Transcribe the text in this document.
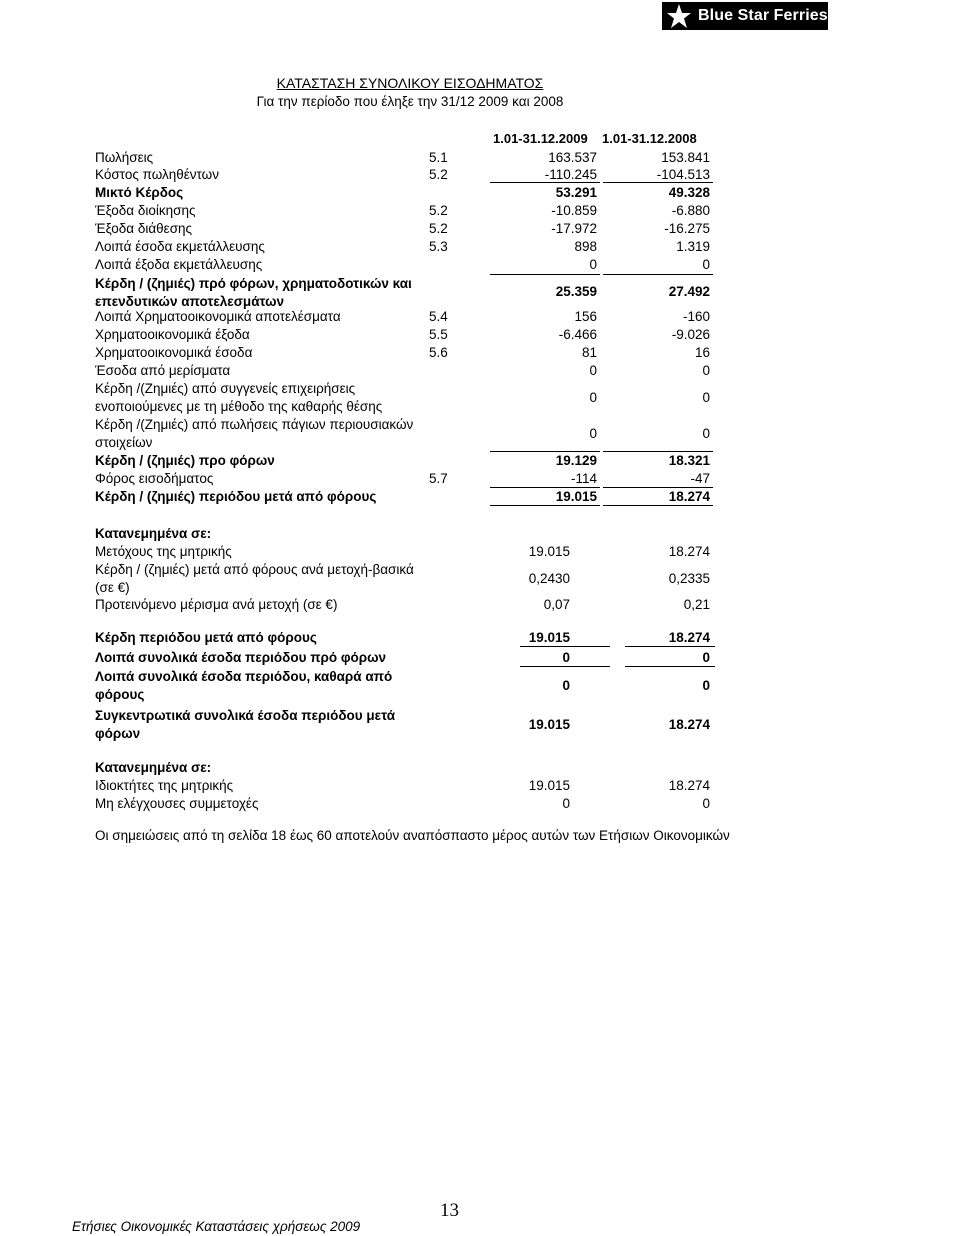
Blue Star Ferries
ΚΑΤΑΣΤΑΣΗ ΣΥΝΟΛΙΚΟΥ ΕΙΣΟΔΗΜΑΤΟΣ
Για την περίοδο που έληξε την 31/12 2009 και 2008
1.01-31.12.2009 1.01-31.12.2008
Πωλήσεις	5.1	163.537	153.841
Κόστος πωληθέντων	5.2	-110.245	-104.513
Μικτό Κέρδος	53.291	49.328
Έξοδα διοίκησης	5.2	-10.859	-6.880
Έξοδα διάθεσης	5.2	-17.972	-16.275
Λοιπά έσοδα εκμετάλλευσης	5.3	898	1.319
Λοιπά έξοδα εκμετάλλευσης	0	0
Κέρδη / (ζημιές) πρό φόρων, χρηματοδοτικών και
επενδυτικών αποτελεσμάτων
25.359	27.492
Λοιπά Χρηματοοικονομικά αποτελέσματα	5.4	156	-160
Χρηματοοικονομικά έξοδα	5.5	-6.466	-9.026
Χρηματοοικονομικά έσοδα	5.6	81	16
Έσοδα από μερίσματα	0	0
Κέρδη /(Ζημιές) από συγγενείς επιχειρήσεις
ενοποιούμενες με τη μέθοδο της καθαρής θέσης
0	0
Κέρδη /(Ζημιές) από πωλήσεις πάγιων περιουσιακών
στοιχείων
0	0
Κέρδη / (ζημιές) προ φόρων	19.129	18.321
Φόρος εισοδήματος	5.7	-114	-47
Κέρδη / (ζημιές) περιόδου μετά από φόρους	19.015	18.274
Κατανεμημένα σε:
Μετόχους της μητρικής	19.015	18.274
Κέρδη / (ζημιές) μετά από φόρους ανά μετοχή-βασικά
(σε €)
0,2430	0,2335
Προτεινόμενο μέρισμα ανά μετοχή (σε €)	0,07	0,21
Κέρδη περιόδου μετά από φόρους	19.015	18.274
Λοιπά συνολικά έσοδα περιόδου πρό φόρων	0	0
Λοιπά συνολικά έσοδα περιόδου, καθαρά από
φόρους
0	0
Συγκεντρωτικά συνολικά έσοδα περιόδου μετά
φόρων
19.015	18.274
Κατανεμημένα σε:
Ιδιοκτήτες της μητρικής	19.015	18.274
Μη ελέγχουσες συμμετοχές	0	0
Οι σημειώσεις από τη σελίδα 18 έως 60 αποτελούν αναπόσπαστο μέρος αυτών των Ετήσιων Οικονομικών
13
Ετήσιες Οικονομικές Καταστάσεις χρήσεως 2009
